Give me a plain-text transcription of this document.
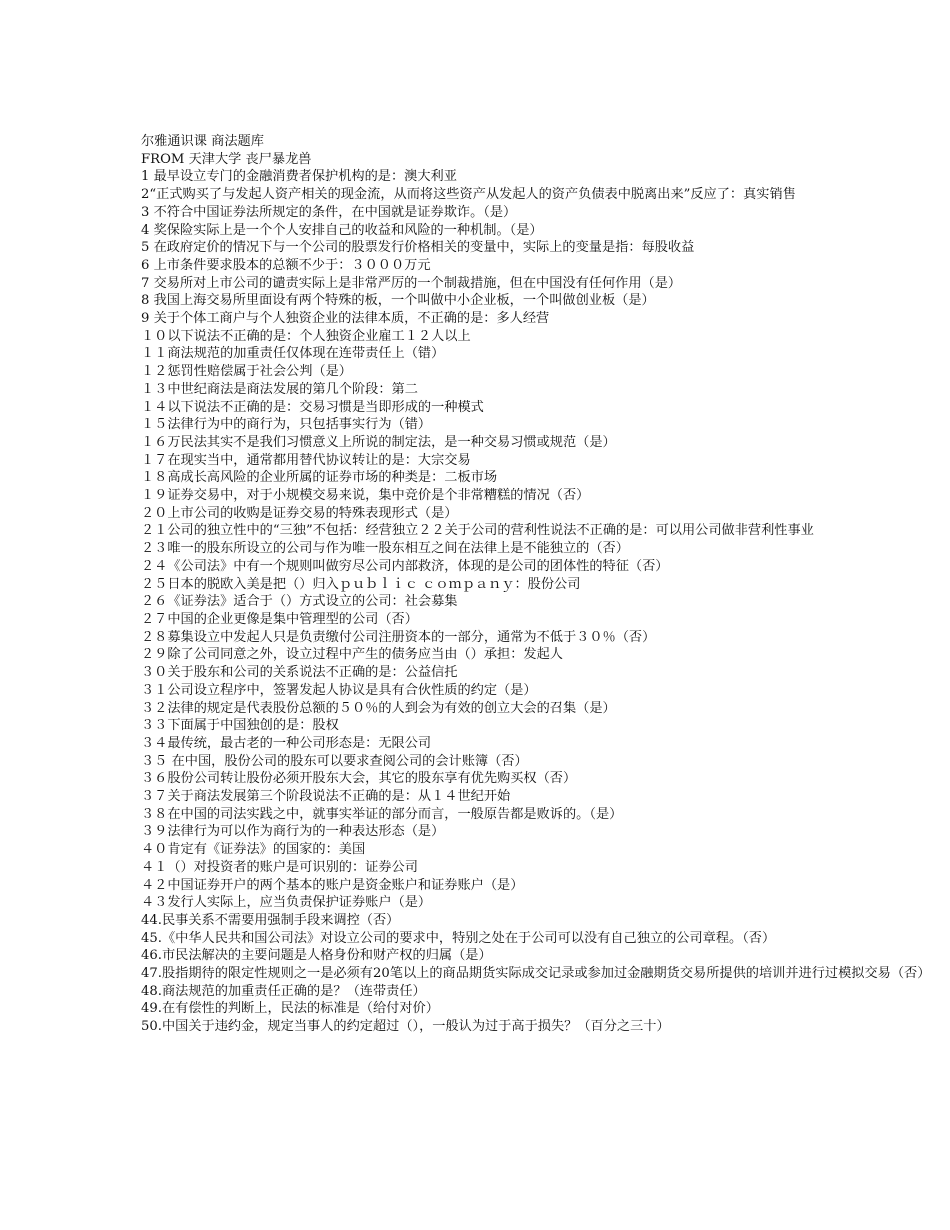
尔雅通识课 商法题库
FROM 天津大学 丧尸暴龙兽
1 最早设立专门的金融消费者保护机构的是：澳大利亚
2“正式购买了与发起人资产相关的现金流，从而将这些资产从发起人的资产负债表中脱离出来”反应了：真实销售
3 不符合中国证券法所规定的条件，在中国就是证券欺诈。（是）
4 奖保险实际上是一个个人安排自己的收益和风险的一种机制。（是）
5 在政府定价的情况下与一个公司的股票发行价格相关的变量中，实际上的变量是指：每股收益
6 上市条件要求股本的总额不少于：３０００万元
7 交易所对上市公司的谴责实际上是非常严厉的一个制裁措施，但在中国没有任何作用（是）
8 我国上海交易所里面设有两个特殊的板，一个叫做中小企业板，一个叫做创业板（是）
9 关于个体工商户与个人独资企业的法律本质，不正确的是：多人经营
１０以下说法不正确的是：个人独资企业雇工１２人以上
１１商法规范的加重责任仅体现在连带责任上（错）
１２惩罚性赔偿属于社会公判（是）
１３中世纪商法是商法发展的第几个阶段：第二
１４以下说法不正确的是：交易习惯是当即形成的一种模式
１５法律行为中的商行为，只包括事实行为（错）
１６万民法其实不是我们习惯意义上所说的制定法，是一种交易习惯或规范（是）
１７在现实当中，通常都用替代协议转让的是：大宗交易
１８高成长高风险的企业所属的证券市场的种类是：二板市场
１９证券交易中，对于小规模交易来说，集中竞价是个非常糟糕的情况（否）
２０上市公司的收购是证券交易的特殊表现形式（是）
２１公司的独立性中的“三独”不包括：经营独立２２关于公司的营利性说法不正确的是：可以用公司做非营利性事业
２３唯一的股东所设立的公司与作为唯一股东相互之间在法律上是不能独立的（否）
２４《公司法》中有一个规则叫做穷尽公司内部救济，体现的是公司的团体性的特征（否）
２５日本的脱欧入美是把（）归入ｐｕｂｌｉｃ ｃｏｍｐａｎｙ：股份公司
２６《证券法》适合于（）方式设立的公司：社会募集
２７中国的企业更像是集中管理型的公司（否）
２８募集设立中发起人只是负责缴付公司注册资本的一部分，通常为不低于３０％（否）
２９除了公司同意之外，设立过程中产生的债务应当由（）承担：发起人
３０关于股东和公司的关系说法不正确的是：公益信托
３１公司设立程序中，签署发起人协议是具有合伙性质的约定（是）
３２法律的规定是代表股份总额的５０％的人到会为有效的创立大会的召集（是）
３３下面属于中国独创的是：股权
３４最传统，最古老的一种公司形态是：无限公司
３５ 在中国，股份公司的股东可以要求查阅公司的会计账簿（否）
３６股份公司转让股份必须开股东大会，其它的股东享有优先购买权（否）
３７关于商法发展第三个阶段说法不正确的是：从１４世纪开始
３８在中国的司法实践之中，就事实举证的部分而言，一般原告都是败诉的。（是）
３９法律行为可以作为商行为的一种表达形态（是）
４０肯定有《证券法》的国家的：美国
４１（）对投资者的账户是可识别的：证券公司
４２中国证券开户的两个基本的账户是资金账户和证券账户（是）
４３发行人实际上，应当负责保护证券账户（是）
44.民事关系不需要用强制手段来调控（否）
45.《中华人民共和国公司法》对设立公司的要求中，特别之处在于公司可以没有自己独立的公司章程。（否）
46.市民法解决的主要问题是人格身份和财产权的归属（是）
47.股指期待的限定性规则之一是必须有20笔以上的商品期货实际成交记录或参加过金融期货交易所提供的培训并进行过模拟交易（否）
48.商法规范的加重责任正确的是？（连带责任）
49.在有偿性的判断上，民法的标准是（给付对价）
50.中国关于违约金，规定当事人的约定超过（），一般认为过于高于损失？（百分之三十）
